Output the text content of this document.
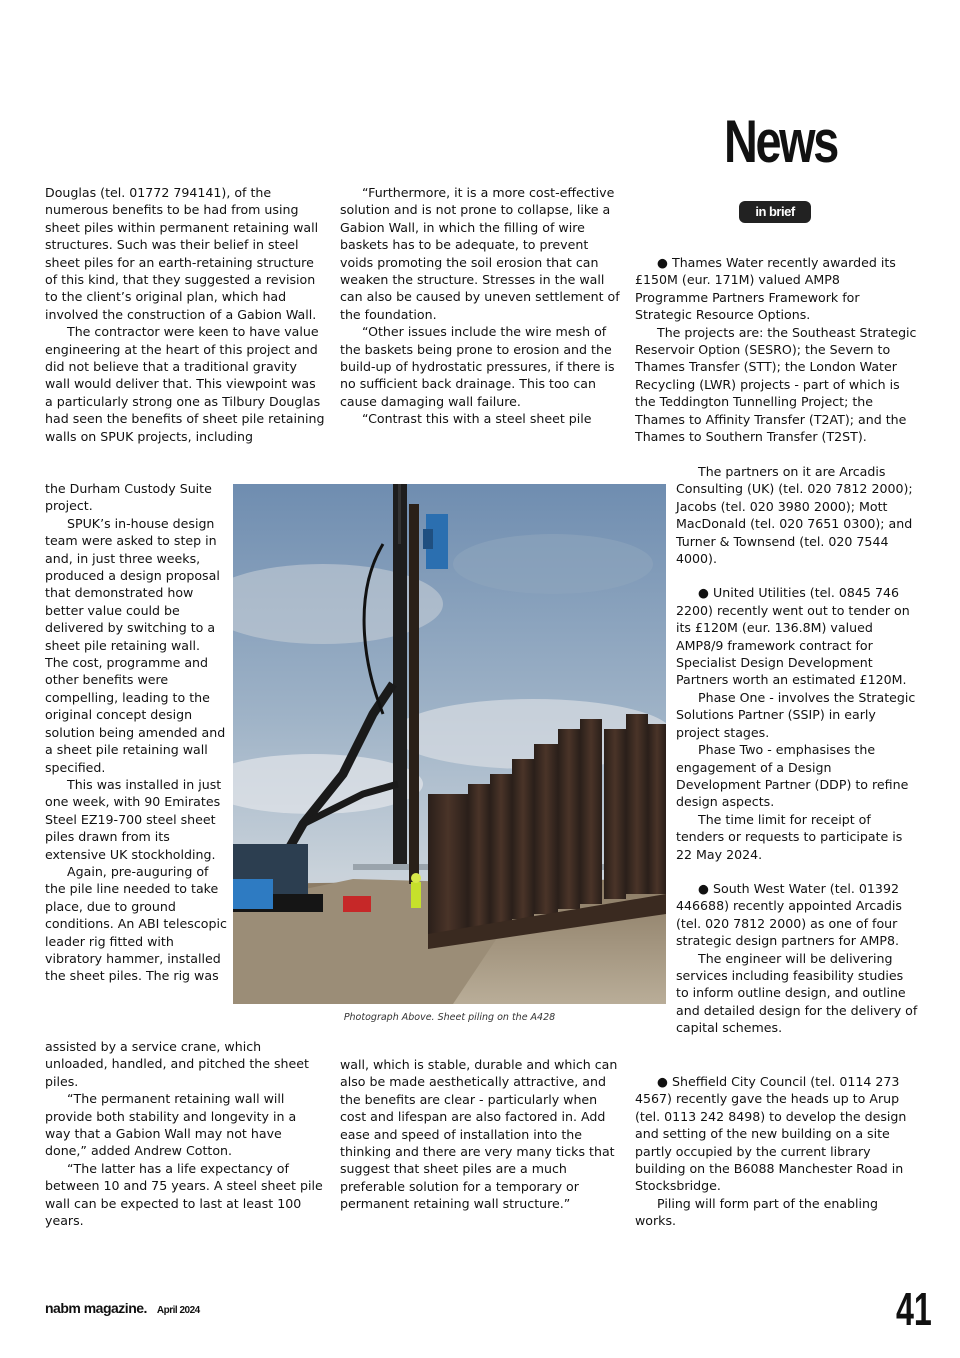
News
in brief

Douglas (tel. 01772 794141), of the numerous benefits to be had from using sheet piles within permanent retaining wall structures. Such was their belief in steel sheet piles for an earth-retaining structure of this kind, that they suggested a revision to the client’s original plan, which had involved the construction of a Gabion Wall.

The contractor were keen to have value engineering at the heart of this project and did not believe that a traditional gravity wall would deliver that. This viewpoint was a particularly strong one as Tilbury Douglas had seen the benefits of sheet pile retaining walls on SPUK projects, including

the Durham Custody Suite project.

SPUK’s in-house design team were asked to step in and, in just three weeks, produced a design proposal that demonstrated how better value could be delivered by switching to a sheet pile retaining wall. The cost, programme and other benefits were compelling, leading to the original concept design solution being amended and a sheet pile retaining wall specified.

This was installed in just one week, with 90 Emirates Steel EZ19-700 steel sheet piles drawn from its extensive UK stockholding.

Again, pre-auguring of the pile line needed to take place, due to ground conditions. An ABI telescopic leader rig fitted with vibratory hammer, installed the sheet piles. The rig was

assisted by a service crane, which unloaded, handled, and pitched the sheet piles.

“The permanent retaining wall will provide both stability and longevity in a way that a Gabion Wall may not have done,” added Andrew Cotton.

“The latter has a life expectancy of between 10 and 75 years. A steel sheet pile wall can be expected to last at least 100 years.

“Furthermore, it is a more cost-effective solution and is not prone to collapse, like a Gabion Wall, in which the filling of wire baskets has to be adequate, to prevent voids promoting the soil erosion that can weaken the structure. Stresses in the wall can also be caused by uneven settlement of the foundation.

“Other issues include the wire mesh of the baskets being prone to erosion and the build-up of hydrostatic pressures, if there is no sufficient back drainage. This too can cause damaging wall failure.

“Contrast this with a steel sheet pile

wall, which is stable, durable and which can also be made aesthetically attractive, and the benefits are clear - particularly when cost and lifespan are also factored in. Add ease and speed of installation into the thinking and there are very many ticks that suggest that sheet piles are a much preferable solution for a temporary or permanent retaining wall structure.”

Photograph Above. Sheet piling on the A428

● Thames Water recently awarded its £150M (eur. 171M) valued AMP8 Programme Partners Framework for Strategic Resource Options.

The projects are: the Southeast Strategic Reservoir Option (SESRO); the Severn to Thames Transfer (STT); the London Water Recycling (LWR) projects - part of which is the Teddington Tunnelling Project; the Thames to Affinity Transfer (T2AT); and the Thames to Southern Transfer (T2ST).

The partners on it are Arcadis Consulting (UK) (tel. 020 7812 2000); Jacobs (tel. 020 3980 2000); Mott MacDonald (tel. 020 7651 0300); and Turner & Townsend (tel. 020 7544 4000).

● United Utilities (tel. 0845 746 2200) recently went out to tender on its £120M (eur. 136.8M) valued AMP8/9 framework contract for Specialist Design Development Partners worth an estimated £120M.

Phase One - involves the Strategic Solutions Partner (SSIP) in early project stages.

Phase Two - emphasises the engagement of a Design Development Partner (DDP) to refine design aspects.

The time limit for receipt of tenders or requests to participate is 22 May 2024.

● South West Water (tel. 01392 446688) recently appointed Arcadis (tel. 020 7812 2000) as one of four strategic design partners for AMP8.

The engineer will be delivering services including feasibility studies to inform outline design, and outline and detailed design for the delivery of capital schemes.

● Sheffield City Council (tel. 0114 273 4567) recently gave the heads up to Arup (tel. 0113 242 8498) to develop the design and setting of the new building on a site partly occupied by the current library building on the B6088 Manchester Road in Stocksbridge.

Piling will form part of the enabling works.

nabm magazine. April 2024	41
